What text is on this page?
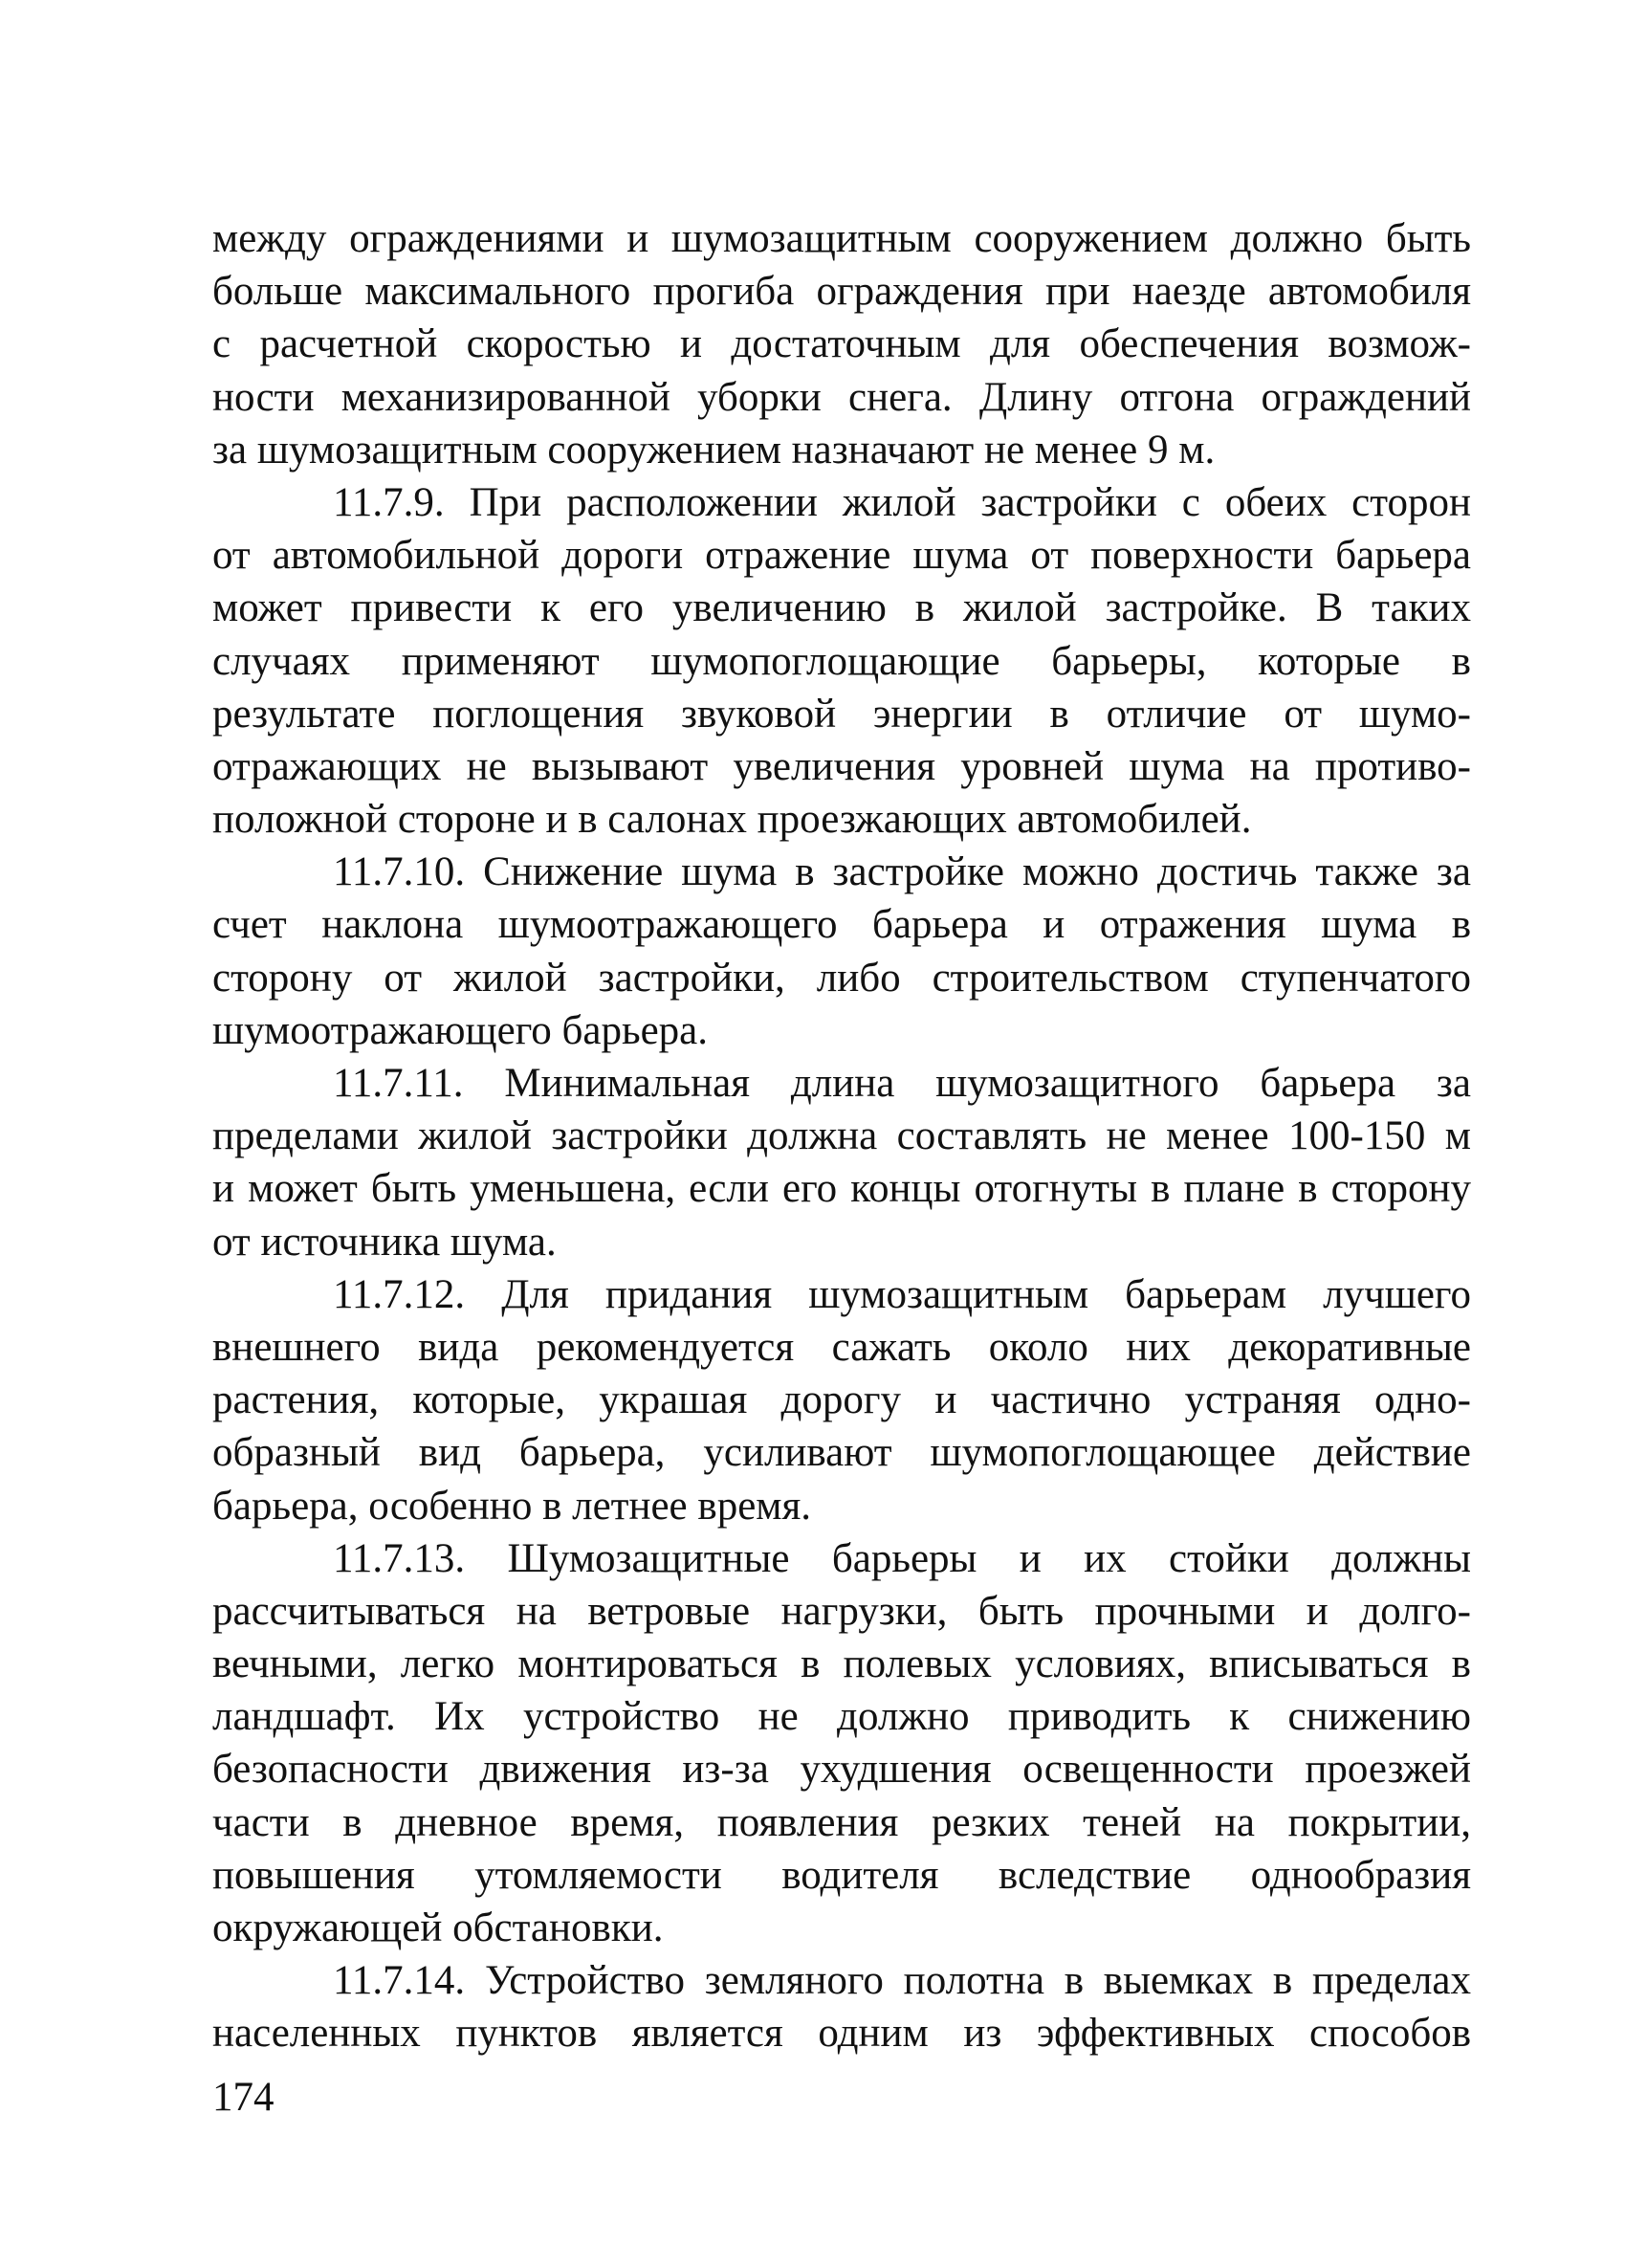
между ограждениями и шумозащитным сооружением должно быть
больше максимального прогиба ограждения при наезде автомобиля
с расчетной скоростью и достаточным для обеспечения возмож-
ности механизированной уборки снега. Длину отгона ограждений
за шумозащитным сооружением назначают не менее 9 м.
11.7.9. При расположении жилой застройки с обеих сторон
от автомобильной дороги отражение шума от поверхности барьера
может привести к его увеличению в жилой застройке. В таких
случаях применяют шумопоглощающие барьеры, которые в
результате поглощения звуковой энергии в отличие от шумо-
отражающих не вызывают увеличения уровней шума на противо-
положной стороне и в салонах проезжающих автомобилей.
11.7.10. Снижение шума в застройке можно достичь также за
счет наклона шумоотражающего барьера и отражения шума в
сторону от жилой застройки, либо строительством ступенчатого
шумоотражающего барьера.
11.7.11. Минимальная длина шумозащитного барьера за
пределами жилой застройки должна составлять не менее 100-150 м
и может быть уменьшена, если его концы отогнуты в плане в сторону
от источника шума.
11.7.12. Для придания шумозащитным барьерам лучшего
внешнего вида рекомендуется сажать около них декоративные
растения, которые, украшая дорогу и частично устраняя одно-
образный вид барьера, усиливают шумопоглощающее действие
барьера, особенно в летнее время.
11.7.13. Шумозащитные барьеры и их стойки должны
рассчитываться на ветровые нагрузки, быть прочными и долго-
вечными, легко монтироваться в полевых условиях, вписываться в
ландшафт. Их устройство не должно приводить к снижению
безопасности движения из-за ухудшения освещенности проезжей
части в дневное время, появления резких теней на покрытии,
повышения утомляемости водителя вследствие однообразия
окружающей обстановки.
11.7.14. Устройство земляного полотна в выемках в пределах
населенных пунктов является одним из эффективных способов
174
